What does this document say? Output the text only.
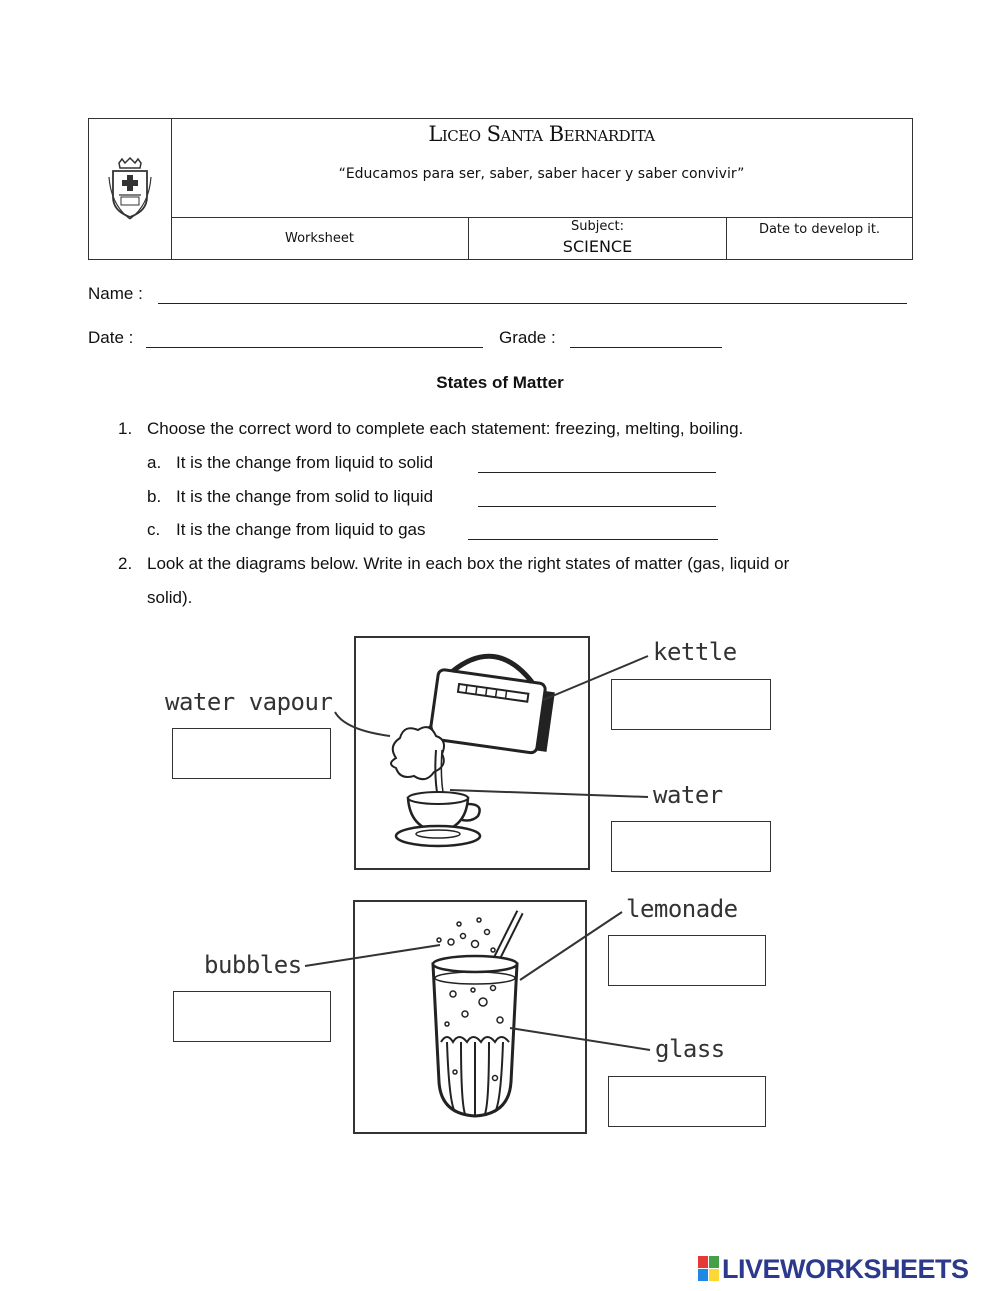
Liceo Santa Bernardita
“Educamos para ser, saber, saber hacer y saber convivir”
Worksheet
Subject:
SCIENCE
Date to develop it.
Name :
Date :	Grade :
States of Matter
1. Choose the correct word to complete each statement: freezing, melting, boiling.
a. It is the change from liquid to solid
b. It is the change from solid to liquid
c. It is the change from liquid to gas
2. Look at the diagrams below. Write in each box the right states of matter (gas, liquid or
solid).
kettle
water vapour
water
lemonade
bubbles
glass
LIVEWORKSHEETS
